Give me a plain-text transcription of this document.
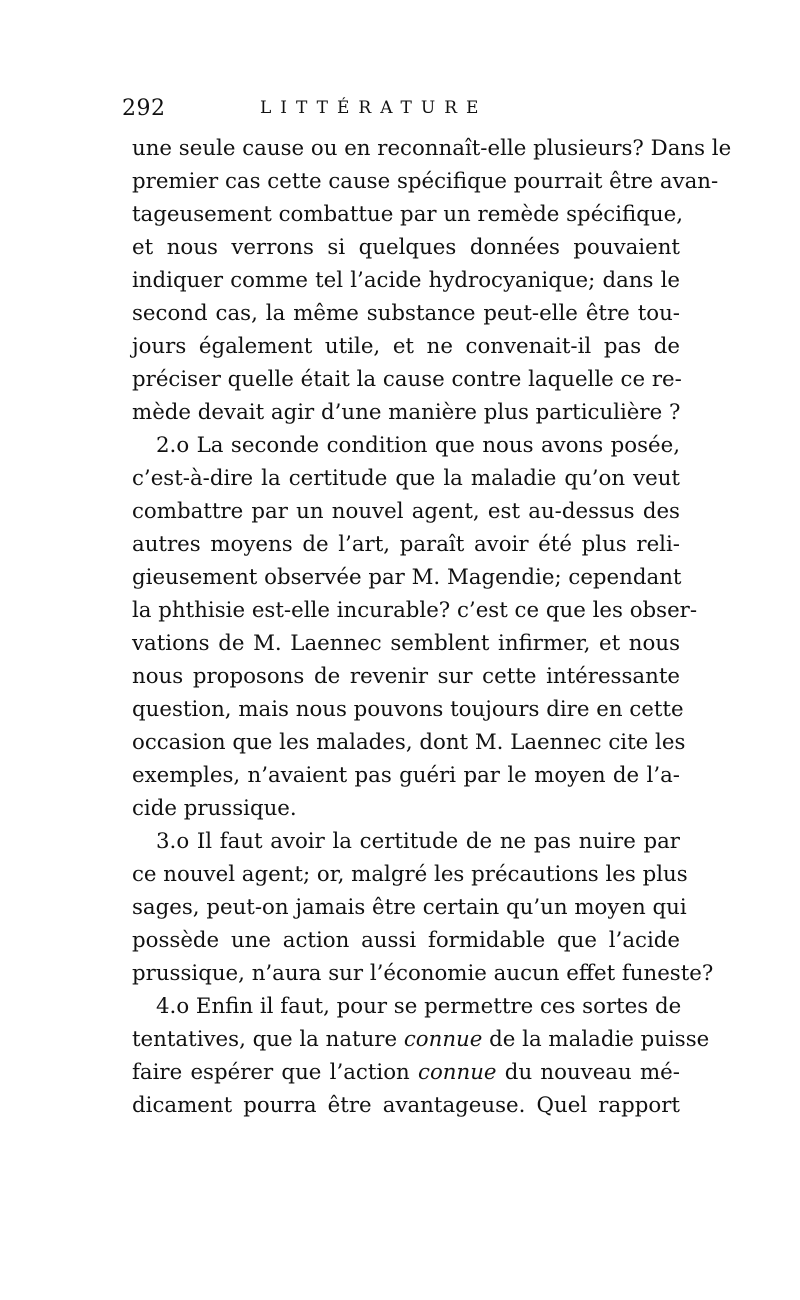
292	LITTÉRATURE
une seule cause ou en reconnaît-elle plusieurs? Dans le
premier cas cette cause spécifique pourrait être avan-
tageusement combattue par un remède spécifique,
et nous verrons si quelques données pouvaient
indiquer comme tel l’acide hydrocyanique; dans le
second cas, la même substance peut-elle être tou-
jours également utile, et ne convenait-il pas de
préciser quelle était la cause contre laquelle ce re-
mède devait agir d’une manière plus particulière ?
2.o La seconde condition que nous avons posée,
c’est-à-dire la certitude que la maladie qu’on veut
combattre par un nouvel agent, est au-dessus des
autres moyens de l’art, paraît avoir été plus reli-
gieusement observée par M. Magendie; cependant
la phthisie est-elle incurable? c’est ce que les obser-
vations de M. Laennec semblent infirmer, et nous
nous proposons de revenir sur cette intéressante
question, mais nous pouvons toujours dire en cette
occasion que les malades, dont M. Laennec cite les
exemples, n’avaient pas guéri par le moyen de l’a-
cide prussique.
3.o Il faut avoir la certitude de ne pas nuire par
ce nouvel agent; or, malgré les précautions les plus
sages, peut-on jamais être certain qu’un moyen qui
possède une action aussi formidable que l’acide
prussique, n’aura sur l’économie aucun effet funeste?
4.o Enfin il faut, pour se permettre ces sortes de
tentatives, que la nature connue de la maladie puisse
faire espérer que l’action connue du nouveau mé-
dicament pourra être avantageuse. Quel rapport
